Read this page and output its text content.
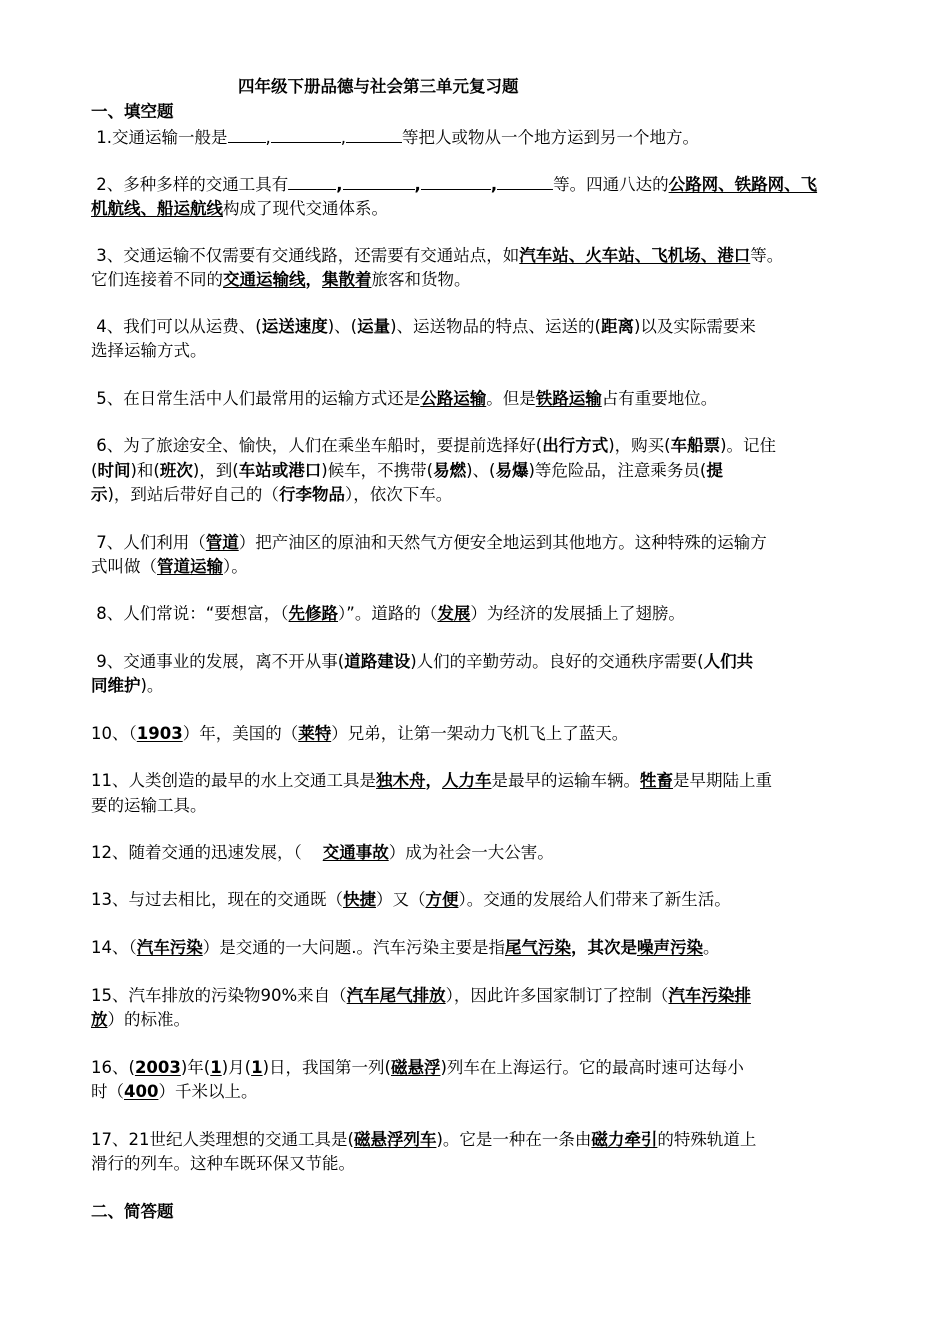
四年级下册品德与社会第三单元复习题
一、填空题
1.交通运输一般是 ,	,	等把人或物从一个地方运到另一个地方。
2、多种多样的交通工具有	,	,	,	等。四通八达的公路网、铁路网、飞
机航线、船运航线构成了现代交通体系。
3、交通运输不仅需要有交通线路，还需要有交通站点，如汽车站、火车站、飞机场、港口等。
它们连接着不同的交通运输线，集散着旅客和货物。
4、我们可以从运费、(运送速度)、(运量)、运送物品的特点、运送的(距离)以及实际需要来
选择运输方式。
5、在日常生活中人们最常用的运输方式还是公路运输。但是铁路运输占有重要地位。
6、为了旅途安全、愉快，人们在乘坐车船时，要提前选择好(出行方式)，购买(车船票)。记住
(时间)和(班次)，到(车站或港口)候车，不携带(易燃)、(易爆)等危险品，注意乘务员(提
示)，到站后带好自己的（行李物品），依次下车。
7、人们利用（管道）把产油区的原油和天然气方便安全地运到其他地方。这种特殊的运输方
式叫做（管道运输）。
8、人们常说：“要想富，（先修路）”。道路的（发展）为经济的发展插上了翅膀。
9、交通事业的发展，离不开从事(道路建设)人们的辛勤劳动。良好的交通秩序需要(人们共
同维护)。
10、（1903）年，美国的（莱特）兄弟，让第一架动力飞机飞上了蓝天。
11、人类创造的最早的水上交通工具是独木舟，人力车是最早的运输车辆。牲畜是早期陆上重
要的运输工具。
12、随着交通的迅速发展，（    交通事故）成为社会一大公害。
13、与过去相比，现在的交通既（快捷）又（方便）。交通的发展给人们带来了新生活。
14、（汽车污染）是交通的一大问题.。汽车污染主要是指尾气污染，其次是噪声污染。
15、汽车排放的污染物90%来自（汽车尾气排放），因此许多国家制订了控制（汽车污染排
放）的标准。
16、(2003)年(1)月(1)日，我国第一列(磁悬浮)列车在上海运行。它的最高时速可达每小
时（400）千米以上。
17、21世纪人类理想的交通工具是(磁悬浮列车)。它是一种在一条由磁力牵引的特殊轨道上
滑行的列车。这种车既环保又节能。
二、简答题
